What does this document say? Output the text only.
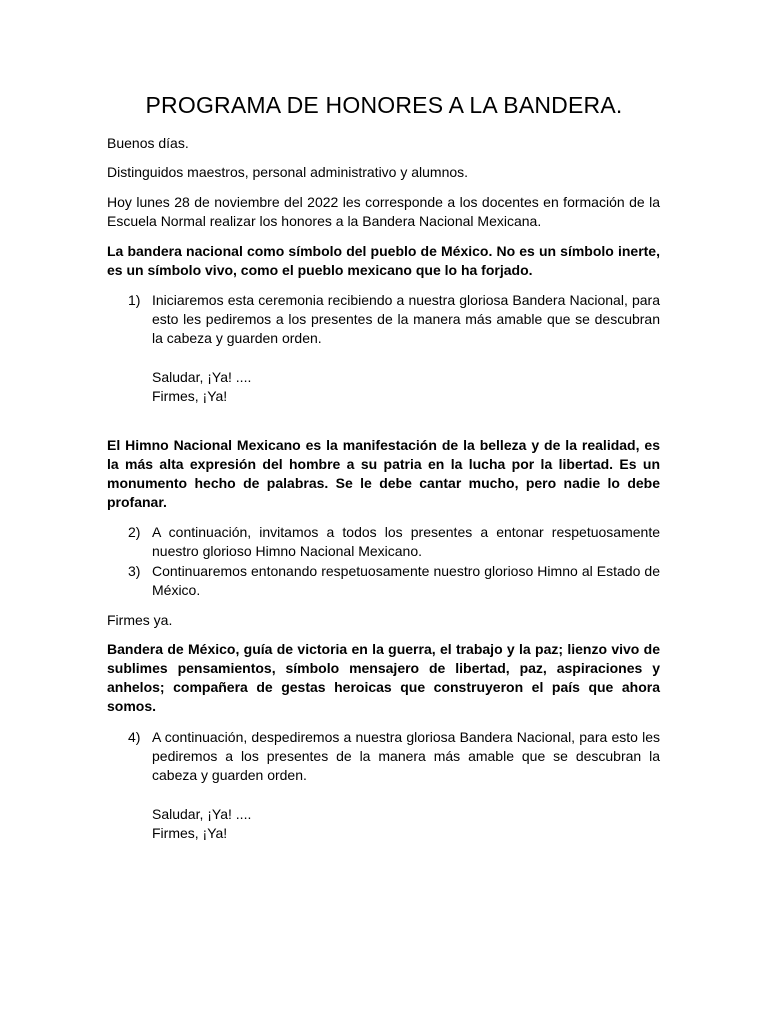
PROGRAMA DE HONORES A LA BANDERA.

Buenos días.

Distinguidos maestros, personal administrativo y alumnos.

Hoy lunes 28 de noviembre del 2022 les corresponde a los docentes en formación de la Escuela Normal realizar los honores a la Bandera Nacional Mexicana.

La bandera nacional como símbolo del pueblo de México. No es un símbolo inerte, es un símbolo vivo, como el pueblo mexicano que lo ha forjado.

1) Iniciaremos esta ceremonia recibiendo a nuestra gloriosa Bandera Nacional, para esto les pediremos a los presentes de la manera más amable que se descubran la cabeza y guarden orden.

Saludar, ¡Ya! ....

Firmes, ¡Ya!

El Himno Nacional Mexicano es la manifestación de la belleza y de la realidad, es la más alta expresión del hombre a su patria en la lucha por la libertad. Es un monumento hecho de palabras. Se le debe cantar mucho, pero nadie lo debe profanar.

2) A continuación, invitamos a todos los presentes a entonar respetuosamente nuestro glorioso Himno Nacional Mexicano.
3) Continuaremos entonando respetuosamente nuestro glorioso Himno al Estado de México.

Firmes ya.

Bandera de México, guía de victoria en la guerra, el trabajo y la paz; lienzo vivo de sublimes pensamientos, símbolo mensajero de libertad, paz, aspiraciones y anhelos; compañera de gestas heroicas que construyeron el país que ahora somos.

4) A continuación, despediremos a nuestra gloriosa Bandera Nacional, para esto les pediremos a los presentes de la manera más amable que se descubran la cabeza y guarden orden.

Saludar, ¡Ya! ....

Firmes, ¡Ya!
